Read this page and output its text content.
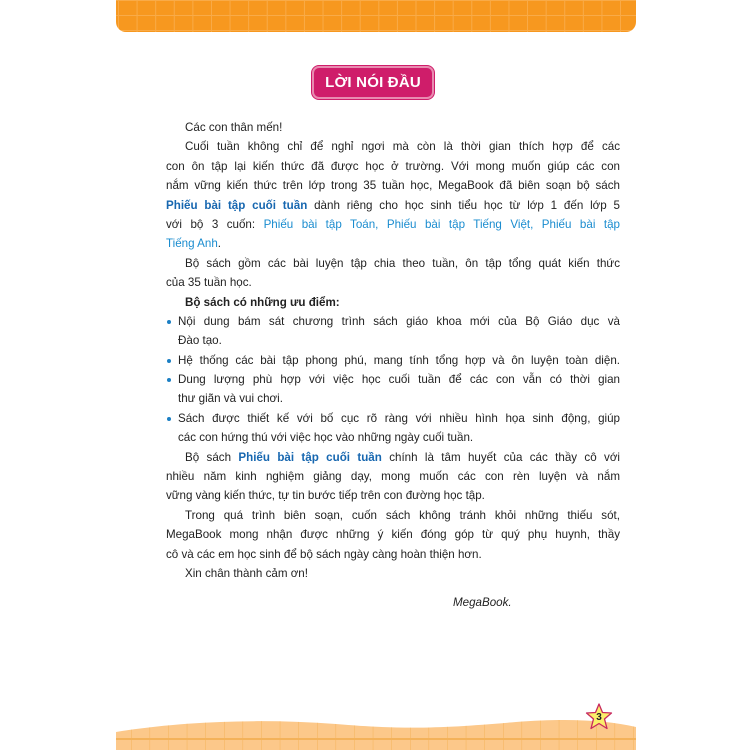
LỜI NÓI ĐẦU
Các con thân mến!
Cuối tuần không chỉ để nghỉ ngơi mà còn là thời gian thích hợp để các
con ôn tập lại kiến thức đã được học ở trường. Với mong muốn giúp các con
nắm vững kiến thức trên lớp trong 35 tuần học, MegaBook đã biên soạn bộ sách
Phiếu bài tập cuối tuần dành riêng cho học sinh tiểu học từ lớp 1 đến lớp 5
với bộ 3 cuốn: Phiếu bài tập Toán, Phiếu bài tập Tiếng Việt, Phiếu bài tập
Tiếng Anh.
Bộ sách gồm các bài luyện tập chia theo tuần, ôn tập tổng quát kiến thức
của 35 tuần học.
Bộ sách có những ưu điểm:
Nội dung bám sát chương trình sách giáo khoa mới của Bộ Giáo dục và
Đào tạo.
Hệ thống các bài tập phong phú, mang tính tổng hợp và ôn luyện toàn diện.
Dung lượng phù hợp với việc học cuối tuần để các con vẫn có thời gian
thư giãn và vui chơi.
Sách được thiết kế với bố cục rõ ràng với nhiều hình họa sinh động, giúp
các con hứng thú với việc học vào những ngày cuối tuần.
Bộ sách Phiếu bài tập cuối tuần chính là tâm huyết của các thầy cô với
nhiều năm kinh nghiệm giảng dạy, mong muốn các con rèn luyện và nắm
vững vàng kiến thức, tự tin bước tiếp trên con đường học tập.
Trong quá trình biên soạn, cuốn sách không tránh khỏi những thiếu sót,
MegaBook mong nhận được những ý kiến đóng góp từ quý phụ huynh, thầy
cô và các em học sinh để bộ sách ngày càng hoàn thiện hơn.
Xin chân thành cảm ơn!
MegaBook.
3
